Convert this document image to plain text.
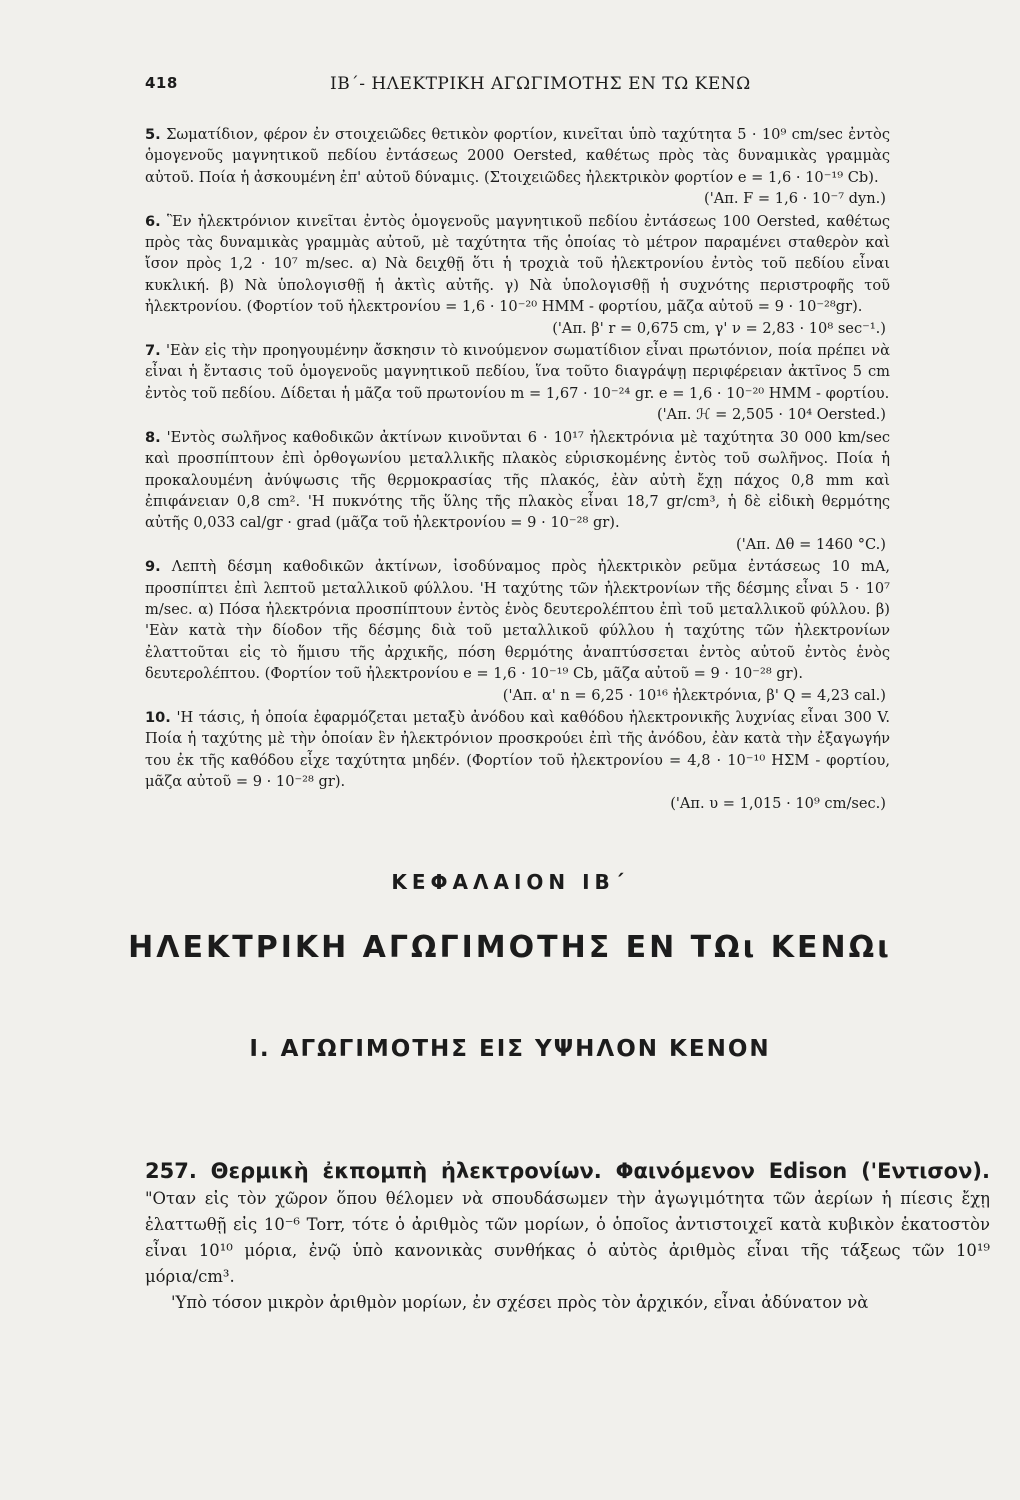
418	ΙΒ΄- ΗΛΕΚΤΡΙΚΗ ΑΓΩΓΙΜΟΤΗΣ ΕΝ ΤΩ ΚΕΝΩ
5. Σωματίδιον, φέρον ἐν στοιχειῶδες θετικὸν φορτίον, κινεῖται ὑπὸ ταχύτητα 5 · 10⁹ cm/sec ἐντὸς ὁμογενοῦς μαγνητικοῦ πεδίου ἐντάσεως 2000 Oersted, καθέτως πρὸς τὰς δυναμικὰς γραμμὰς αὐτοῦ. Ποία ἡ ἀσκουμένη ἐπ' αὐτοῦ δύναμις. (Στοιχειῶδες ἠλεκτρικὸν φορτίον e = 1,6 · 10⁻¹⁹ Cb).
('Απ. F = 1,6 · 10⁻⁷ dyn.)
6. Ἓν ἠλεκτρόνιον κινεῖται ἐντὸς ὁμογενοῦς μαγνητικοῦ πεδίου ἐντάσεως 100 Oersted, καθέτως πρὸς τὰς δυναμικὰς γραμμὰς αὐτοῦ, μὲ ταχύτητα τῆς ὁποίας τὸ μέτρον παραμένει σταθερὸν καὶ ἴσον πρὸς 1,2 · 10⁷ m/sec. α) Νὰ δειχθῇ ὅτι ἡ τροχιὰ τοῦ ἠλεκτρονίου ἐντὸς τοῦ πεδίου εἶναι κυκλική. β) Νὰ ὑπολογισθῇ ἡ ἀκτὶς αὐτῆς. γ) Νὰ ὑπολογισθῇ ἡ συχνότης περιστροφῆς τοῦ ἠλεκτρονίου. (Φορτίον τοῦ ἠλεκτρονίου = 1,6 · 10⁻²⁰ ΗΜΜ - φορτίου, μᾶζα αὐτοῦ = 9 · 10⁻²⁸gr).
('Απ. β' r = 0,675 cm, γ' ν = 2,83 · 10⁸ sec⁻¹.)
7. 'Εὰν εἰς τὴν προηγουμένην ἄσκησιν τὸ κινούμενον σωματίδιον εἶναι πρωτόνιον, ποία πρέπει νὰ εἶναι ἡ ἔντασις τοῦ ὁμογενοῦς μαγνητικοῦ πεδίου, ἵνα τοῦτο διαγράψῃ περιφέρειαν ἀκτῖνος 5 cm ἐντὸς τοῦ πεδίου. Δίδεται ἡ μᾶζα τοῦ πρωτονίου m = 1,67 · 10⁻²⁴ gr. e = 1,6 · 10⁻²⁰ ΗΜΜ - φορτίου.
('Απ. ℋ = 2,505 · 10⁴ Oersted.)
8. 'Εντὸς σωλῆνος καθοδικῶν ἀκτίνων κινοῦνται 6 · 10¹⁷ ἠλεκτρόνια μὲ ταχύτητα 30 000 km/sec καὶ προσπίπτουν ἐπὶ ὀρθογωνίου μεταλλικῆς πλακὸς εὑρισκομένης ἐντὸς τοῦ σωλῆνος. Ποία ἡ προκαλουμένη ἀνύψωσις τῆς θερμοκρασίας τῆς πλακός, ἐὰν αὐτὴ ἔχῃ πάχος 0,8 mm καὶ ἐπιφάνειαν 0,8 cm². 'Η πυκνότης τῆς ὕλης τῆς πλακὸς εἶναι 18,7 gr/cm³, ἡ δὲ εἰδικὴ θερμότης αὐτῆς 0,033 cal/gr · grad (μᾶζα τοῦ ἠλεκτρονίου = 9 · 10⁻²⁸ gr).
('Απ. Δθ = 1460 °C.)
9. Λεπτὴ δέσμη καθοδικῶν ἀκτίνων, ἰσοδύναμος πρὸς ἠλεκτρικὸν ρεῦμα ἐντάσεως 10 mA, προσπίπτει ἐπὶ λεπτοῦ μεταλλικοῦ φύλλου. 'Η ταχύτης τῶν ἠλεκτρονίων τῆς δέσμης εἶναι 5 · 10⁷ m/sec. α) Πόσα ἠλεκτρόνια προσπίπτουν ἐντὸς ἑνὸς δευτερολέπτου ἐπὶ τοῦ μεταλλικοῦ φύλλου. β) 'Εὰν κατὰ τὴν δίοδον τῆς δέσμης διὰ τοῦ μεταλλικοῦ φύλλου ἡ ταχύτης τῶν ἠλεκτρονίων ἐλαττοῦται εἰς τὸ ἥμισυ τῆς ἀρχικῆς, πόση θερμότης ἀναπτύσσεται ἐντὸς αὐτοῦ ἐντὸς ἑνὸς δευτερολέπτου. (Φορτίον τοῦ ἠλεκτρονίου e = 1,6 · 10⁻¹⁹ Cb, μᾶζα αὐτοῦ = 9 · 10⁻²⁸ gr).
('Απ. α' n = 6,25 · 10¹⁶ ἠλεκτρόνια, β' Q = 4,23 cal.)
10. 'Η τάσις, ἡ ὁποία ἐφαρμόζεται μεταξὺ ἀνόδου καὶ καθόδου ἠλεκτρονικῆς λυχνίας εἶναι 300 V. Ποία ἡ ταχύτης μὲ τὴν ὁποίαν ἓν ἠλεκτρόνιον προσκρούει ἐπὶ τῆς ἀνόδου, ἐὰν κατὰ τὴν ἐξαγωγήν του ἐκ τῆς καθόδου εἶχε ταχύτητα μηδέν. (Φορτίον τοῦ ἠλεκτρονίου = 4,8 · 10⁻¹⁰ ΗΣΜ - φορτίου, μᾶζα αὐτοῦ = 9 · 10⁻²⁸ gr).
('Απ. υ = 1,015 · 10⁹ cm/sec.)
ΚΕΦΑΛΑΙΟΝ ΙΒ΄
ΗΛΕΚΤΡΙΚΗ ΑΓΩΓΙΜΟΤΗΣ ΕΝ ΤΩι ΚΕΝΩι
Ι. ΑΓΩΓΙΜΟΤΗΣ ΕΙΣ ΥΨΗΛΟΝ ΚΕΝΟΝ

257. Θερμικὴ ἐκπομπὴ ἠλεκτρονίων. Φαινόμενον Edison ('Εντισον). "Οταν εἰς τὸν χῶρον ὅπου θέλομεν νὰ σπουδάσωμεν τὴν ἀγωγιμότητα τῶν ἀερίων ἡ πίεσις ἔχῃ ἐλαττωθῇ εἰς 10⁻⁶ Torr, τότε ὁ ἀριθμὸς τῶν μορίων, ὁ ὁποῖος ἀντιστοιχεῖ κατὰ κυβικὸν ἑκατοστὸν εἶναι 10¹⁰ μόρια, ἐνῷ ὑπὸ κανονικὰς συνθήκας ὁ αὐτὸς ἀριθμὸς εἶναι τῆς τάξεως τῶν 10¹⁹ μόρια/cm³.

'Υπὸ τόσον μικρὸν ἀριθμὸν μορίων, ἐν σχέσει πρὸς τὸν ἀρχικόν, εἶναι ἀδύνατον νὰ
